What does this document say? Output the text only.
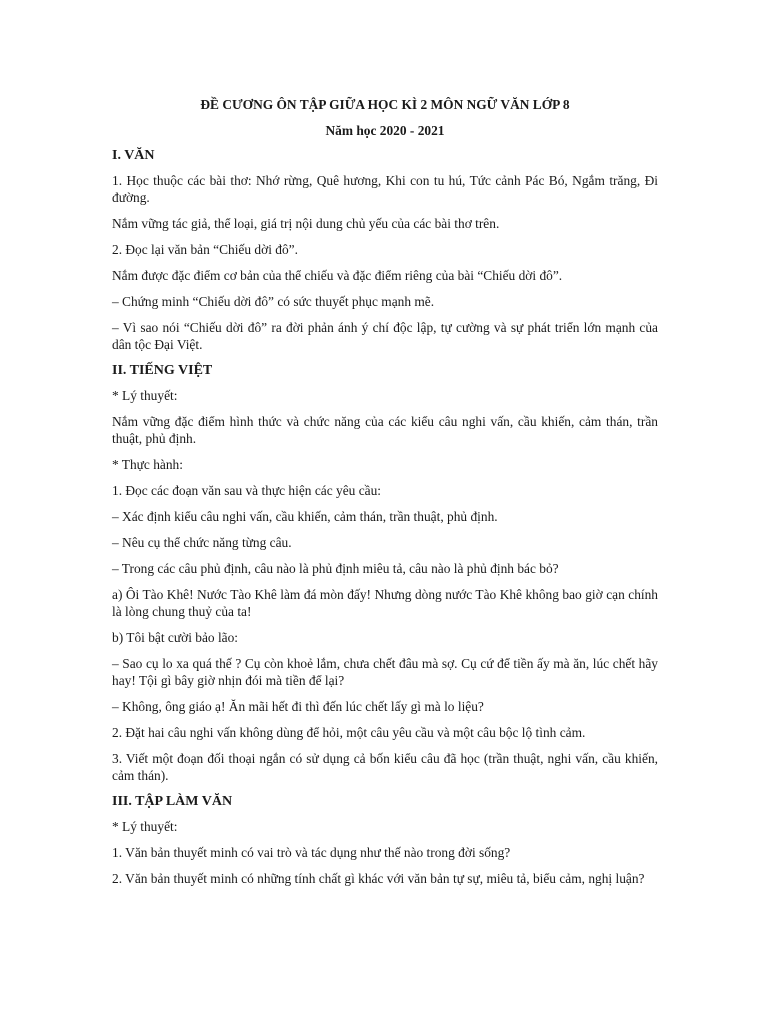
ĐỀ CƯƠNG ÔN TẬP GIỮA HỌC KÌ 2 MÔN NGỮ VĂN LỚP 8
Năm học 2020 - 2021
I. VĂN

1. Học thuộc các bài thơ: Nhớ rừng, Quê hương, Khi con tu hú, Tức cảnh Pác Bó, Ngắm trăng, Đi đường.

Nắm vững tác giả, thể loại, giá trị nội dung chủ yếu của các bài thơ trên.

2. Đọc lại văn bản “Chiếu dời đô”.

Nắm được đặc điểm cơ bản của thể chiếu và đặc điểm riêng của bài “Chiếu dời đô”.

– Chứng minh “Chiếu dời đô” có sức thuyết phục mạnh mẽ.

– Vì sao nói “Chiếu dời đô” ra đời phản ánh ý chí độc lập, tự cường và sự phát triển lớn mạnh của dân tộc Đại Việt.

II. TIẾNG VIỆT

* Lý thuyết:

Nắm vững đặc điểm hình thức và chức năng của các kiểu câu nghi vấn, cầu khiến, cảm thán, trần thuật, phủ định.

* Thực hành:

1. Đọc các đoạn văn sau và thực hiện các yêu cầu:

– Xác định kiểu câu nghi vấn, cầu khiến, cảm thán, trần thuật, phủ định.

– Nêu cụ thể chức năng từng câu.

– Trong các câu phủ định, câu nào là phủ định miêu tả, câu nào là phủ định bác bỏ?

a) Ôi Tào Khê! Nước Tào Khê làm đá mòn đấy! Nhưng dòng nước Tào Khê không bao giờ cạn chính là lòng chung thuỷ của ta!

b) Tôi bật cười bảo lão:

– Sao cụ lo xa quá thế ? Cụ còn khoẻ lắm, chưa chết đâu mà sợ. Cụ cứ để tiền ấy mà ăn, lúc chết hãy hay! Tội gì bây giờ nhịn đói mà tiền để lại?

– Không, ông giáo ạ! Ăn mãi hết đi thì đến lúc chết lấy gì mà lo liệu?

2. Đặt hai câu nghi vấn không dùng để hỏi, một câu yêu cầu và một câu bộc lộ tình cảm.

3. Viết một đoạn đối thoại ngắn có sử dụng cả bốn kiểu câu đã học (trần thuật, nghi vấn, cầu khiến, cảm thán).

III. TẬP LÀM VĂN

* Lý thuyết:

1. Văn bản thuyết minh có vai trò và tác dụng như thế nào trong đời sống?

2. Văn bản thuyết minh có những tính chất gì khác với văn bản tự sự, miêu tả, biểu cảm, nghị luận?
